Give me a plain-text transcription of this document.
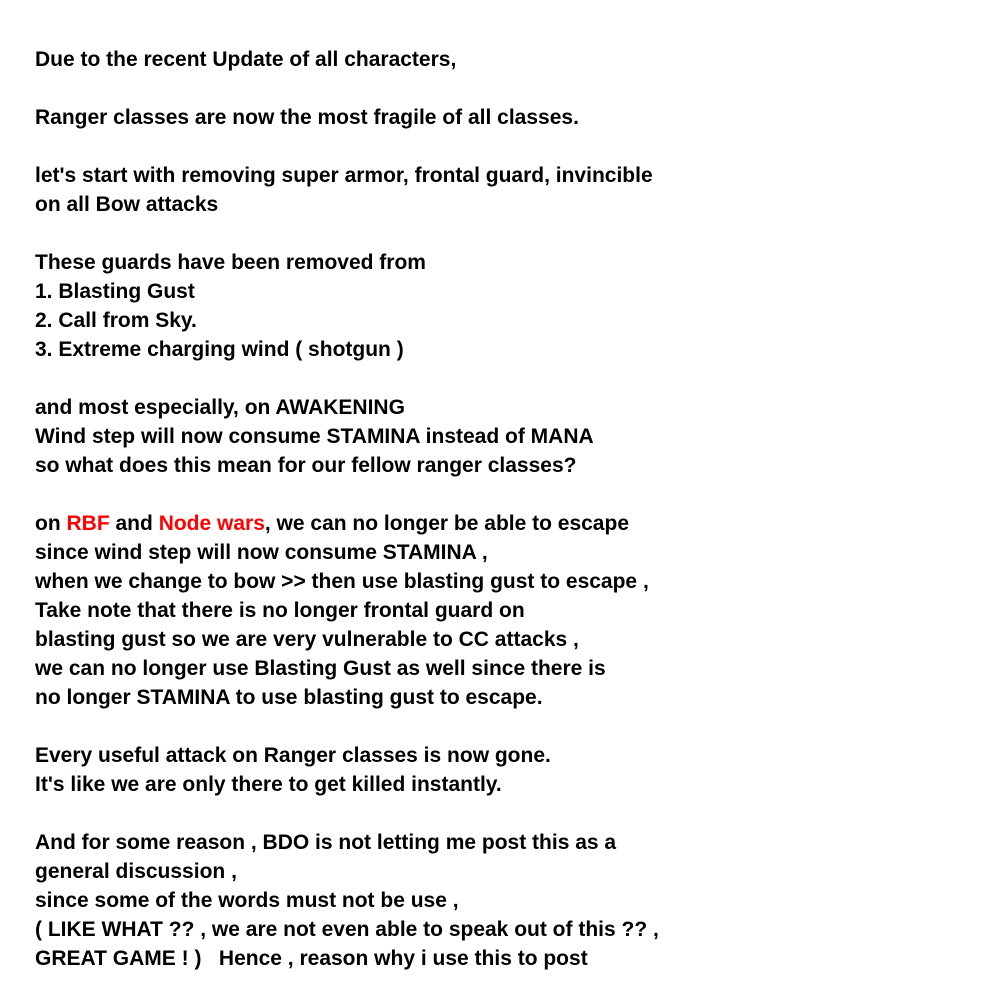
Due to the recent Update of all characters,
Ranger classes are now the most fragile of all classes.
let's start with removing super armor, frontal guard, invincible
on all Bow attacks
These guards have been removed from
1. Blasting Gust
2. Call from Sky.
3. Extreme charging wind ( shotgun )
and most especially, on AWAKENING
Wind step will now consume STAMINA instead of MANA
so what does this mean for our fellow ranger classes?
on RBF and Node wars, we can no longer be able to escape
since wind step will now consume STAMINA ,
when we change to bow >> then use blasting gust to escape ,
Take note that there is no longer frontal guard on
blasting gust so we are very vulnerable to CC attacks ,
we can no longer use Blasting Gust as well since there is
no longer STAMINA to use blasting gust to escape.
Every useful attack on Ranger classes is now gone.
It's like we are only there to get killed instantly.
And for some reason , BDO is not letting me post this as a
general discussion ,
since some of the words must not be use ,
( LIKE WHAT ?? , we are not even able to speak out of this ?? ,
GREAT GAME ! )   Hence , reason why i use this to post
